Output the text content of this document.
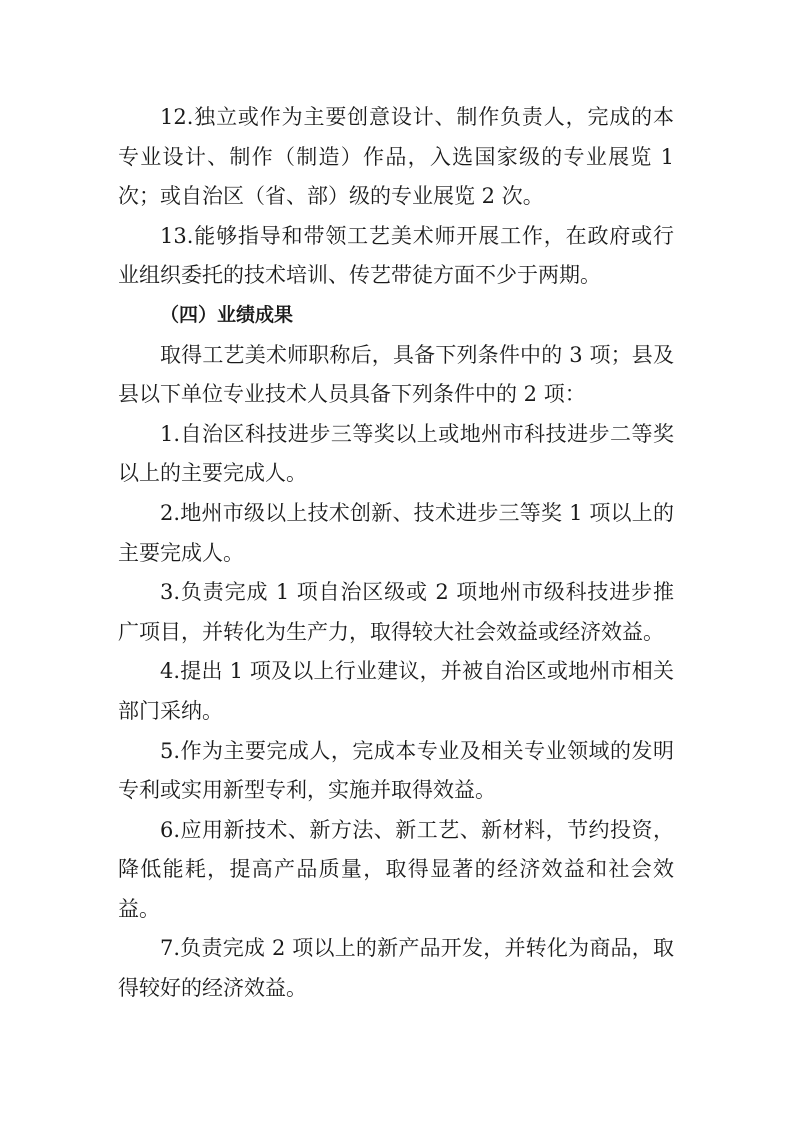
12.独立或作为主要创意设计、制作负责人，完成的本专业设计、制作（制造）作品，入选国家级的专业展览 1 次；或自治区（省、部）级的专业展览 2 次。

13.能够指导和带领工艺美术师开展工作，在政府或行业组织委托的技术培训、传艺带徒方面不少于两期。

（四）业绩成果

取得工艺美术师职称后，具备下列条件中的 3 项；县及县以下单位专业技术人员具备下列条件中的 2 项：

1.自治区科技进步三等奖以上或地州市科技进步二等奖以上的主要完成人。

2.地州市级以上技术创新、技术进步三等奖 1 项以上的主要完成人。

3.负责完成 1 项自治区级或 2 项地州市级科技进步推广项目，并转化为生产力，取得较大社会效益或经济效益。

4.提出 1 项及以上行业建议，并被自治区或地州市相关部门采纳。

5.作为主要完成人，完成本专业及相关专业领域的发明专利或实用新型专利，实施并取得效益。

6.应用新技术、新方法、新工艺、新材料，节约投资，降低能耗，提高产品质量，取得显著的经济效益和社会效益。

7.负责完成 2 项以上的新产品开发，并转化为商品，取得较好的经济效益。
